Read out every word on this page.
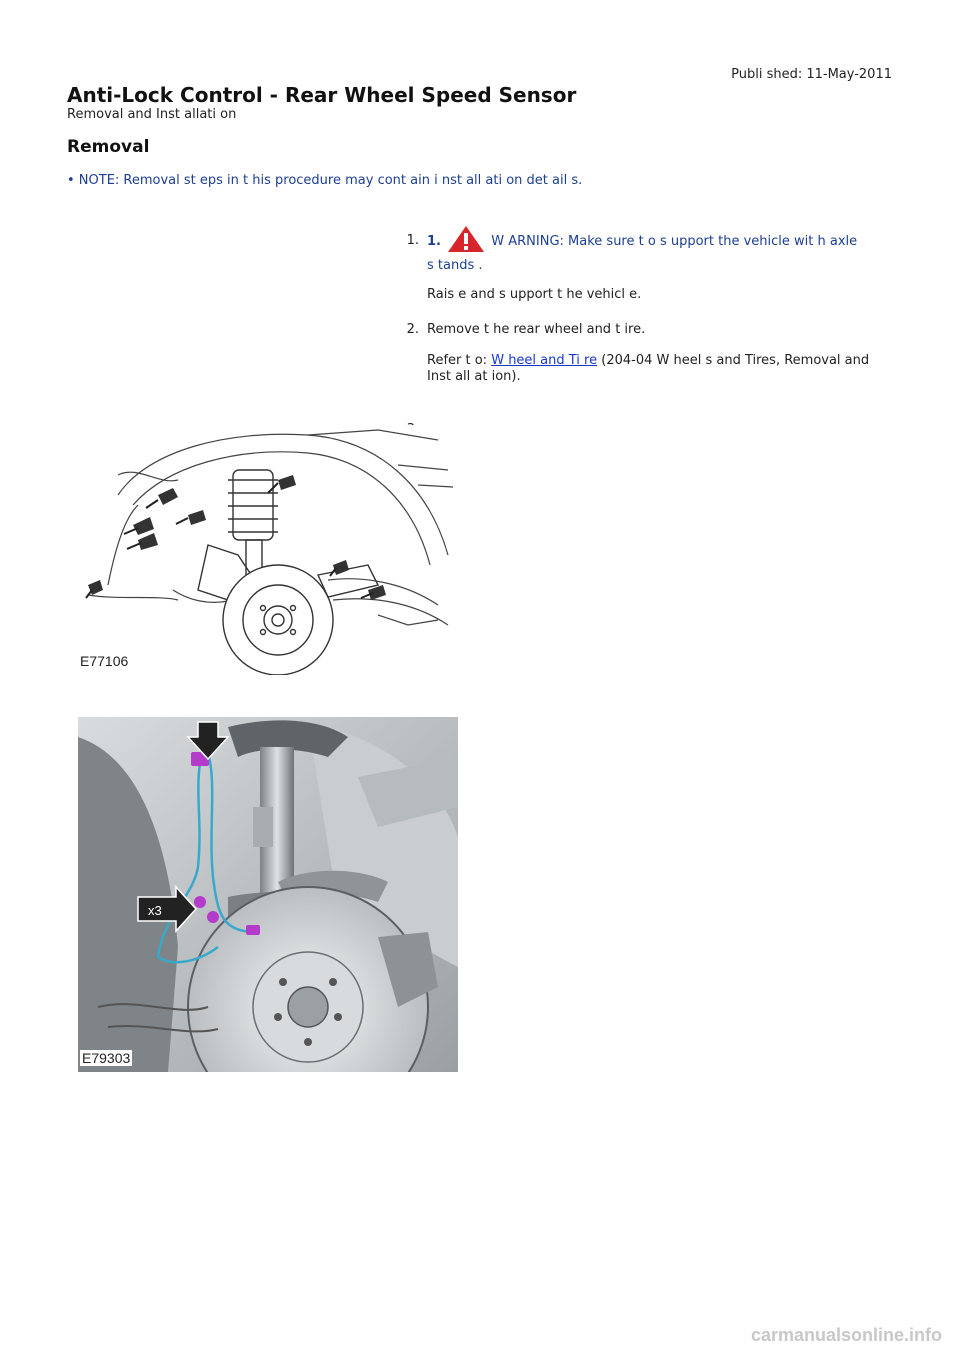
Publi shed: 11-May-2011
Anti-Lock Control - Rear Wheel Speed Sensor
Removal and Inst allati on
Removal
• NOTE: Removal st eps in t his procedure may cont ain i nst all ati on det ail s.
1. 1.	W ARNING: Make sure t o s upport the vehicle wit h axle
s tands .
Rais e and s upport t he vehicl e.
2. Remove t he rear wheel and t ire.
Refer t o: W heel and Ti re (204-04 W heel s and Tires, Removal and
Inst all at ion).
E77106
x3
E79303
carmanualsonline.info
